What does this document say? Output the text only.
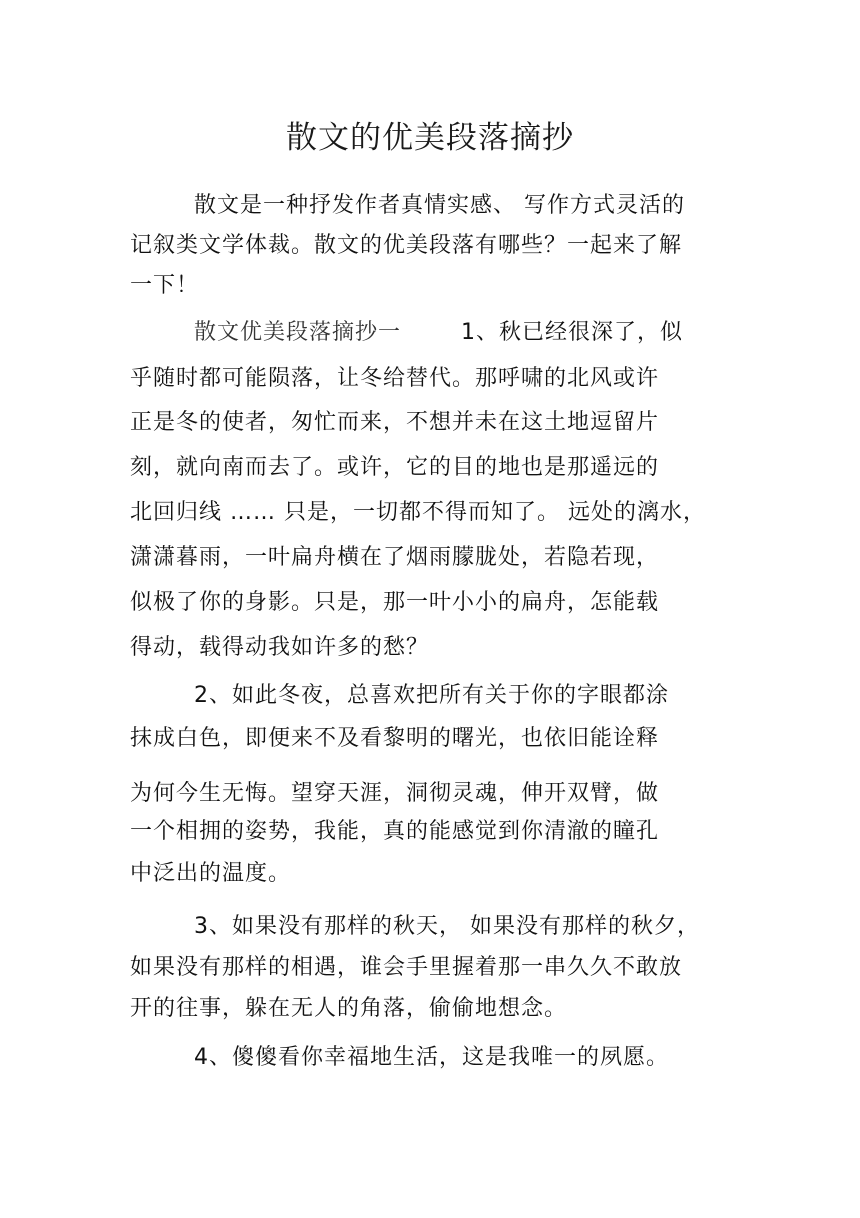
散文的优美段落摘抄
散文是一种抒发作者真情实感、 写作方式灵活的
记叙类文学体裁。散文的优美段落有哪些？一起来了解
一下！
散文优美段落摘抄一	1、秋已经很深了，似
乎随时都可能陨落，让冬给替代。那呼啸的北风或许
正是冬的使者，匆忙而来，不想并未在这土地逗留片
刻，就向南而去了。或许，它的目的地也是那遥远的
北回归线 …… 只是，一切都不得而知了。 远处的漓水，
潇潇暮雨，一叶扁舟横在了烟雨朦胧处，若隐若现，
似极了你的身影。只是，那一叶小小的扁舟，怎能载
得动，载得动我如许多的愁？
2、如此冬夜，总喜欢把所有关于你的字眼都涂
抹成白色，即便来不及看黎明的曙光，也依旧能诠释
为何今生无悔。望穿天涯，洞彻灵魂，伸开双臂，做
一个相拥的姿势，我能，真的能感觉到你清澈的瞳孔
中泛出的温度。
3、如果没有那样的秋天， 如果没有那样的秋夕，
如果没有那样的相遇，谁会手里握着那一串久久不敢放
开的往事，躲在无人的角落，偷偷地想念。
4、傻傻看你幸福地生活，这是我唯一的夙愿。
